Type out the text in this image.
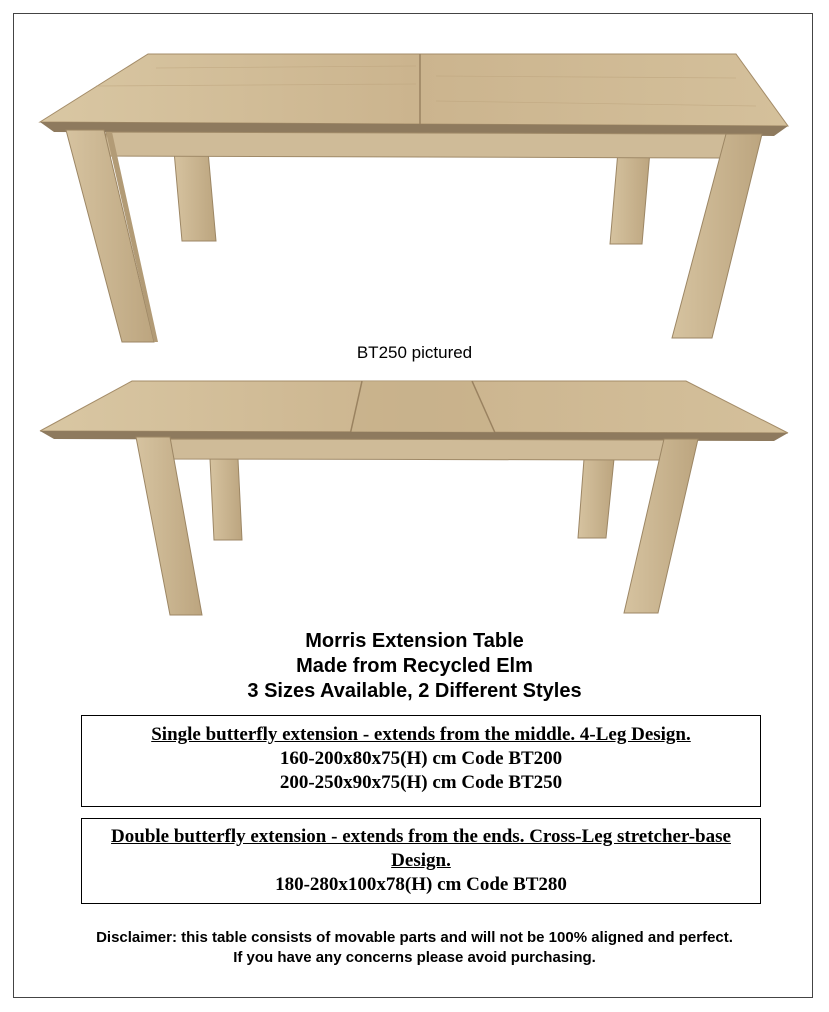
BT250 pictured
Morris Extension Table
Made from Recycled Elm
3 Sizes Available, 2 Different Styles
Single butterfly extension - extends from the middle. 4-Leg Design.
160-200x80x75(H) cm Code BT200
200-250x90x75(H) cm Code BT250
Double butterfly extension - extends from the ends. Cross-Leg stretcher-base Design.
180-280x100x78(H) cm Code BT280
Disclaimer: this table consists of movable parts and will not be 100% aligned and perfect.
If you have any concerns please avoid purchasing.
